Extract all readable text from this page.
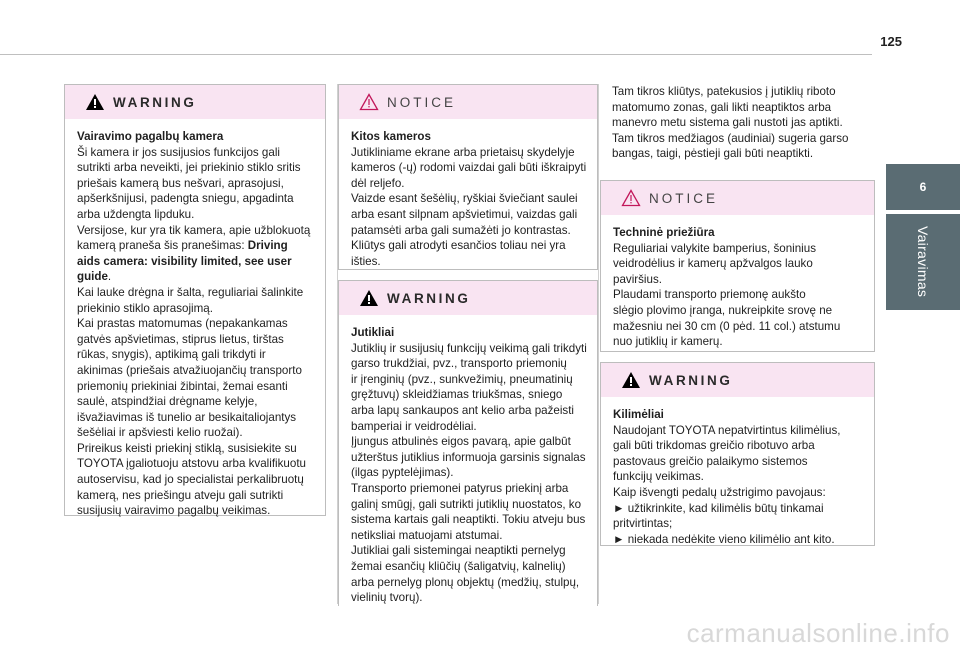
125
6
Vairavimas
WARNING

Vairavimo pagalbų kamera

Ši kamera ir jos susijusios funkcijos gali

sutrikti arba neveikti, jei priekinio stiklo sritis

priešais kamerą bus nešvari, aprasojusi,

apšerkšnijusi, padengta sniegu, apgadinta

arba uždengta lipduku.

Versijose, kur yra tik kamera, apie užblokuotą

kamerą praneša šis pranešimas: Driving

aids camera: visibility limited, see user

guide.

Kai lauke drėgna ir šalta, reguliariai šalinkite

priekinio stiklo aprasojimą.

Kai prastas matomumas (nepakankamas

gatvės apšvietimas, stiprus lietus, tirštas

rūkas, snygis), aptikimą gali trikdyti ir

akinimas (priešais atvažiuojančių transporto

priemonių priekiniai žibintai, žemai esanti

saulė, atspindžiai drėgname kelyje,

išvažiavimas iš tunelio ar besikaitaliojantys

šešėliai ir apšviesti kelio ruožai).

Prireikus keisti priekinį stiklą, susisiekite su

TOYOTA įgaliotuoju atstovu arba kvalifikuotu

autoservisu, kad jo specialistai perkalibruotų

kamerą, nes priešingu atveju gali sutrikti

susijusių vairavimo pagalbų veikimas.

NOTICE

Kitos kameros

Jutikliniame ekrane arba prietaisų skydelyje

kameros (-ų) rodomi vaizdai gali būti iškraipyti

dėl reljefo.

Vaizde esant šešėlių, ryškiai šviečiant saulei

arba esant silpnam apšvietimui, vaizdas gali

patamsėti arba gali sumažėti jo kontrastas.

Kliūtys gali atrodyti esančios toliau nei yra

išties.

WARNING

Jutikliai

Jutiklių ir susijusių funkcijų veikimą gali trikdyti

garso trukdžiai, pvz., transporto priemonių

ir įrenginių (pvz., sunkvežimių, pneumatinių

gręžtuvų) skleidžiamas triukšmas, sniego

arba lapų sankaupos ant kelio arba pažeisti

bamperiai ir veidrodėliai.

Įjungus atbulinės eigos pavarą, apie galbūt

užterštus jutiklius informuoja garsinis signalas

(ilgas pyptelėjimas).

Transporto priemonei patyrus priekinį arba

galinį smūgį, gali sutrikti jutiklių nuostatos, ko

sistema kartais gali neaptikti. Tokiu atveju bus

netiksliai matuojami atstumai.

Jutikliai gali sistemingai neaptikti pernelyg

žemai esančių kliūčių (šaligatvių, kalnelių)

arba pernelyg plonų objektų (medžių, stulpų,

vielinių tvorų).

Tam tikros kliūtys, patekusios į jutiklių riboto

matomumo zonas, gali likti neaptiktos arba

manevro metu sistema gali nustoti jas aptikti.

Tam tikros medžiagos (audiniai) sugeria garso

bangas, taigi, pėstieji gali būti neaptikti.

NOTICE

Techninė priežiūra

Reguliariai valykite bamperius, šoninius

veidrodėlius ir kamerų apžvalgos lauko

paviršius.

Plaudami transporto priemonę aukšto

slėgio plovimo įranga, nukreipkite srovę ne

mažesniu nei 30 cm (0 pėd. 11 col.) atstumu

nuo jutiklių ir kamerų.

WARNING

Kilimėliai

Naudojant TOYOTA nepatvirtintus kilimėlius,

gali būti trikdomas greičio ribotuvo arba

pastovaus greičio palaikymo sistemos

funkcijų veikimas.

Kaip išvengti pedalų užstrigimo pavojaus:

► užtikrinkite, kad kilimėlis būtų tinkamai

pritvirtintas;

► niekada nedėkite vieno kilimėlio ant kito.

carmanualsonline.info
